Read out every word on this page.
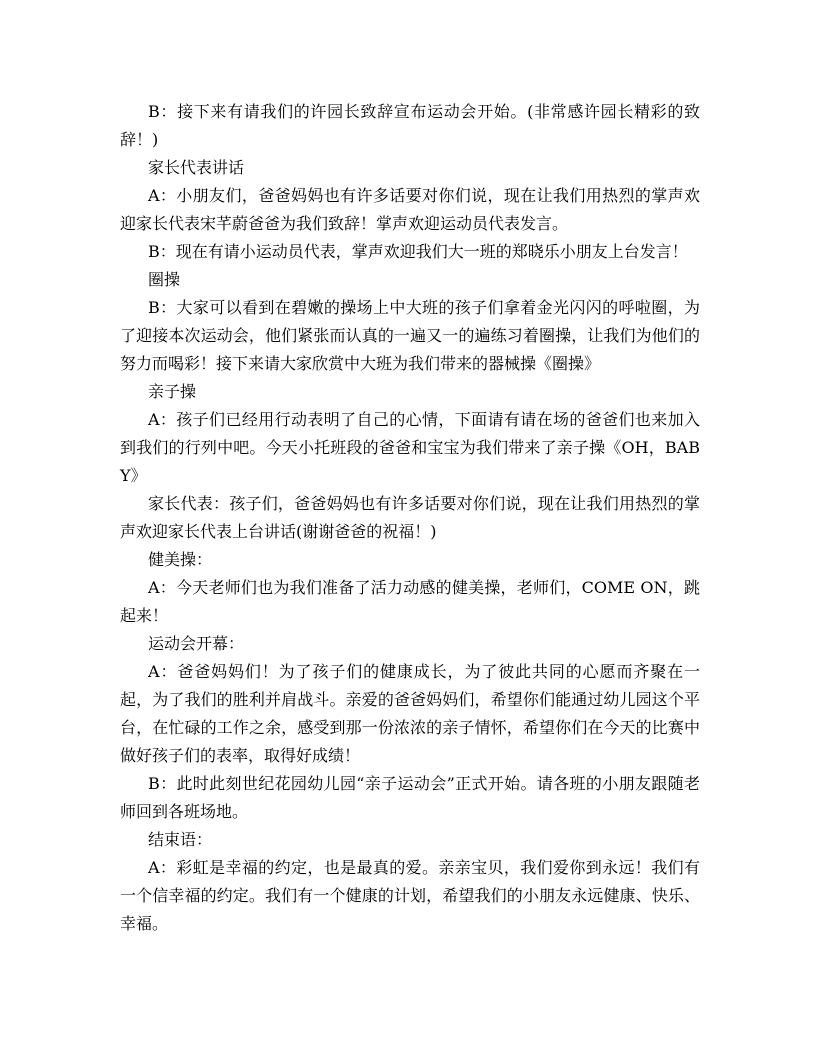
B：接下来有请我们的许园长致辞宣布运动会开始。(非常感许园长精彩的致辞！)

家长代表讲话

A：小朋友们，爸爸妈妈也有许多话要对你们说，现在让我们用热烈的掌声欢迎家长代表宋芊蔚爸爸为我们致辞！掌声欢迎运动员代表发言。

B：现在有请小运动员代表，掌声欢迎我们大一班的郑晓乐小朋友上台发言！

圈操

B：大家可以看到在碧嫩的操场上中大班的孩子们拿着金光闪闪的呼啦圈，为了迎接本次运动会，他们紧张而认真的一遍又一的遍练习着圈操，让我们为他们的努力而喝彩！接下来请大家欣赏中大班为我们带来的器械操《圈操》

亲子操

A：孩子们已经用行动表明了自己的心情，下面请有请在场的爸爸们也来加入到我们的行列中吧。今天小托班段的爸爸和宝宝为我们带来了亲子操《OH，BABY》

家长代表：孩子们，爸爸妈妈也有许多话要对你们说，现在让我们用热烈的掌声欢迎家长代表上台讲话(谢谢爸爸的祝福！)

健美操：

A：今天老师们也为我们准备了活力动感的健美操，老师们，COME ON，跳起来！

运动会开幕：

A：爸爸妈妈们！为了孩子们的健康成长，为了彼此共同的心愿而齐聚在一起，为了我们的胜利并肩战斗。亲爱的爸爸妈妈们，希望你们能通过幼儿园这个平台，在忙碌的工作之余，感受到那一份浓浓的亲子情怀，希望你们在今天的比赛中做好孩子们的表率，取得好成绩！

B：此时此刻世纪花园幼儿园“亲子运动会”正式开始。请各班的小朋友跟随老师回到各班场地。

结束语：

A：彩虹是幸福的约定，也是最真的爱。亲亲宝贝，我们爱你到永远！我们有一个信幸福的约定。我们有一个健康的计划，希望我们的小朋友永远健康、快乐、幸福。
